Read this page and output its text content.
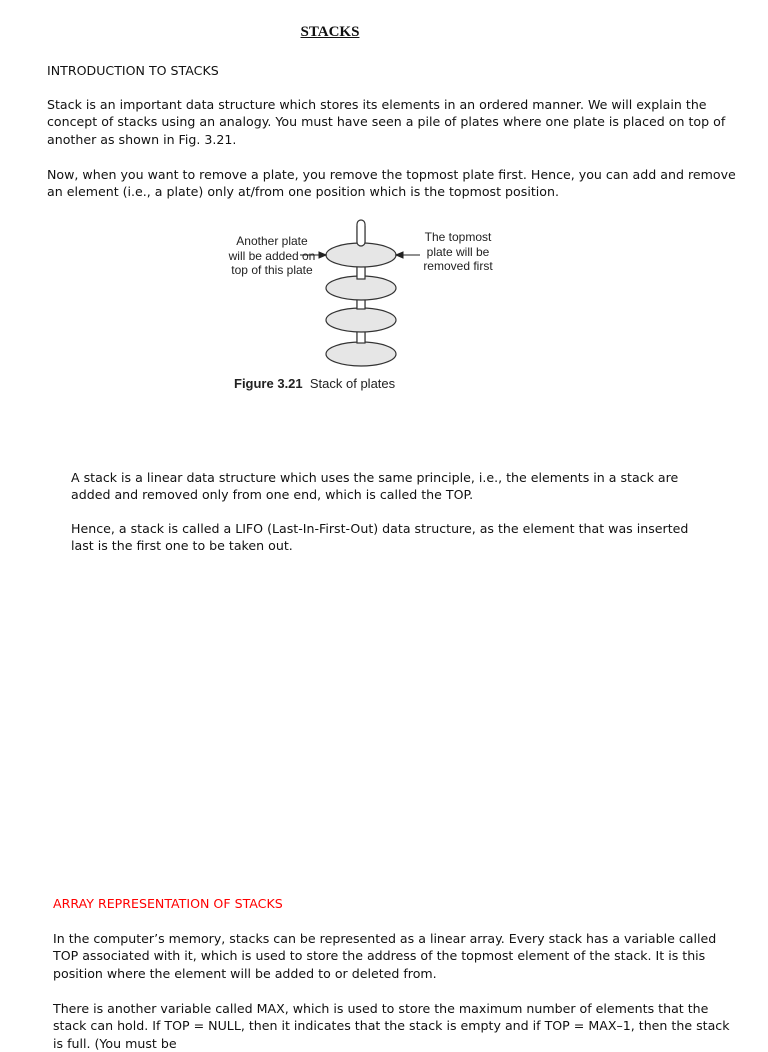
STACKS
INTRODUCTION TO STACKS
Stack is an important data structure which stores its elements in an ordered manner. We will explain the concept of stacks using an analogy. You must have seen a pile of plates where one plate is placed on top of another as shown in Fig. 3.21.
Now, when you want to remove a plate, you remove the topmost plate first. Hence, you can add and remove an element (i.e., a plate) only at/from one position which is the topmost position.
Another plate will be added on top of this plate
The topmost plate will be removed first
Figure 3.21 Stack of plates
A stack is a linear data structure which uses the same principle, i.e., the elements in a stack are added and removed only from one end, which is called the TOP.
Hence, a stack is called a LIFO (Last-In-First-Out) data structure, as the element that was inserted last is the first one to be taken out.
ARRAY REPRESENTATION OF STACKS
In the computer’s memory, stacks can be represented as a linear array. Every stack has a variable called TOP associated with it, which is used to store the address of the topmost element of the stack. It is this position where the element will be added to or deleted from.
There is another variable called MAX, which is used to store the maximum number of elements that the stack can hold. If TOP = NULL, then it indicates that the stack is empty and if TOP = MAX–1, then the stack is full. (You must be
